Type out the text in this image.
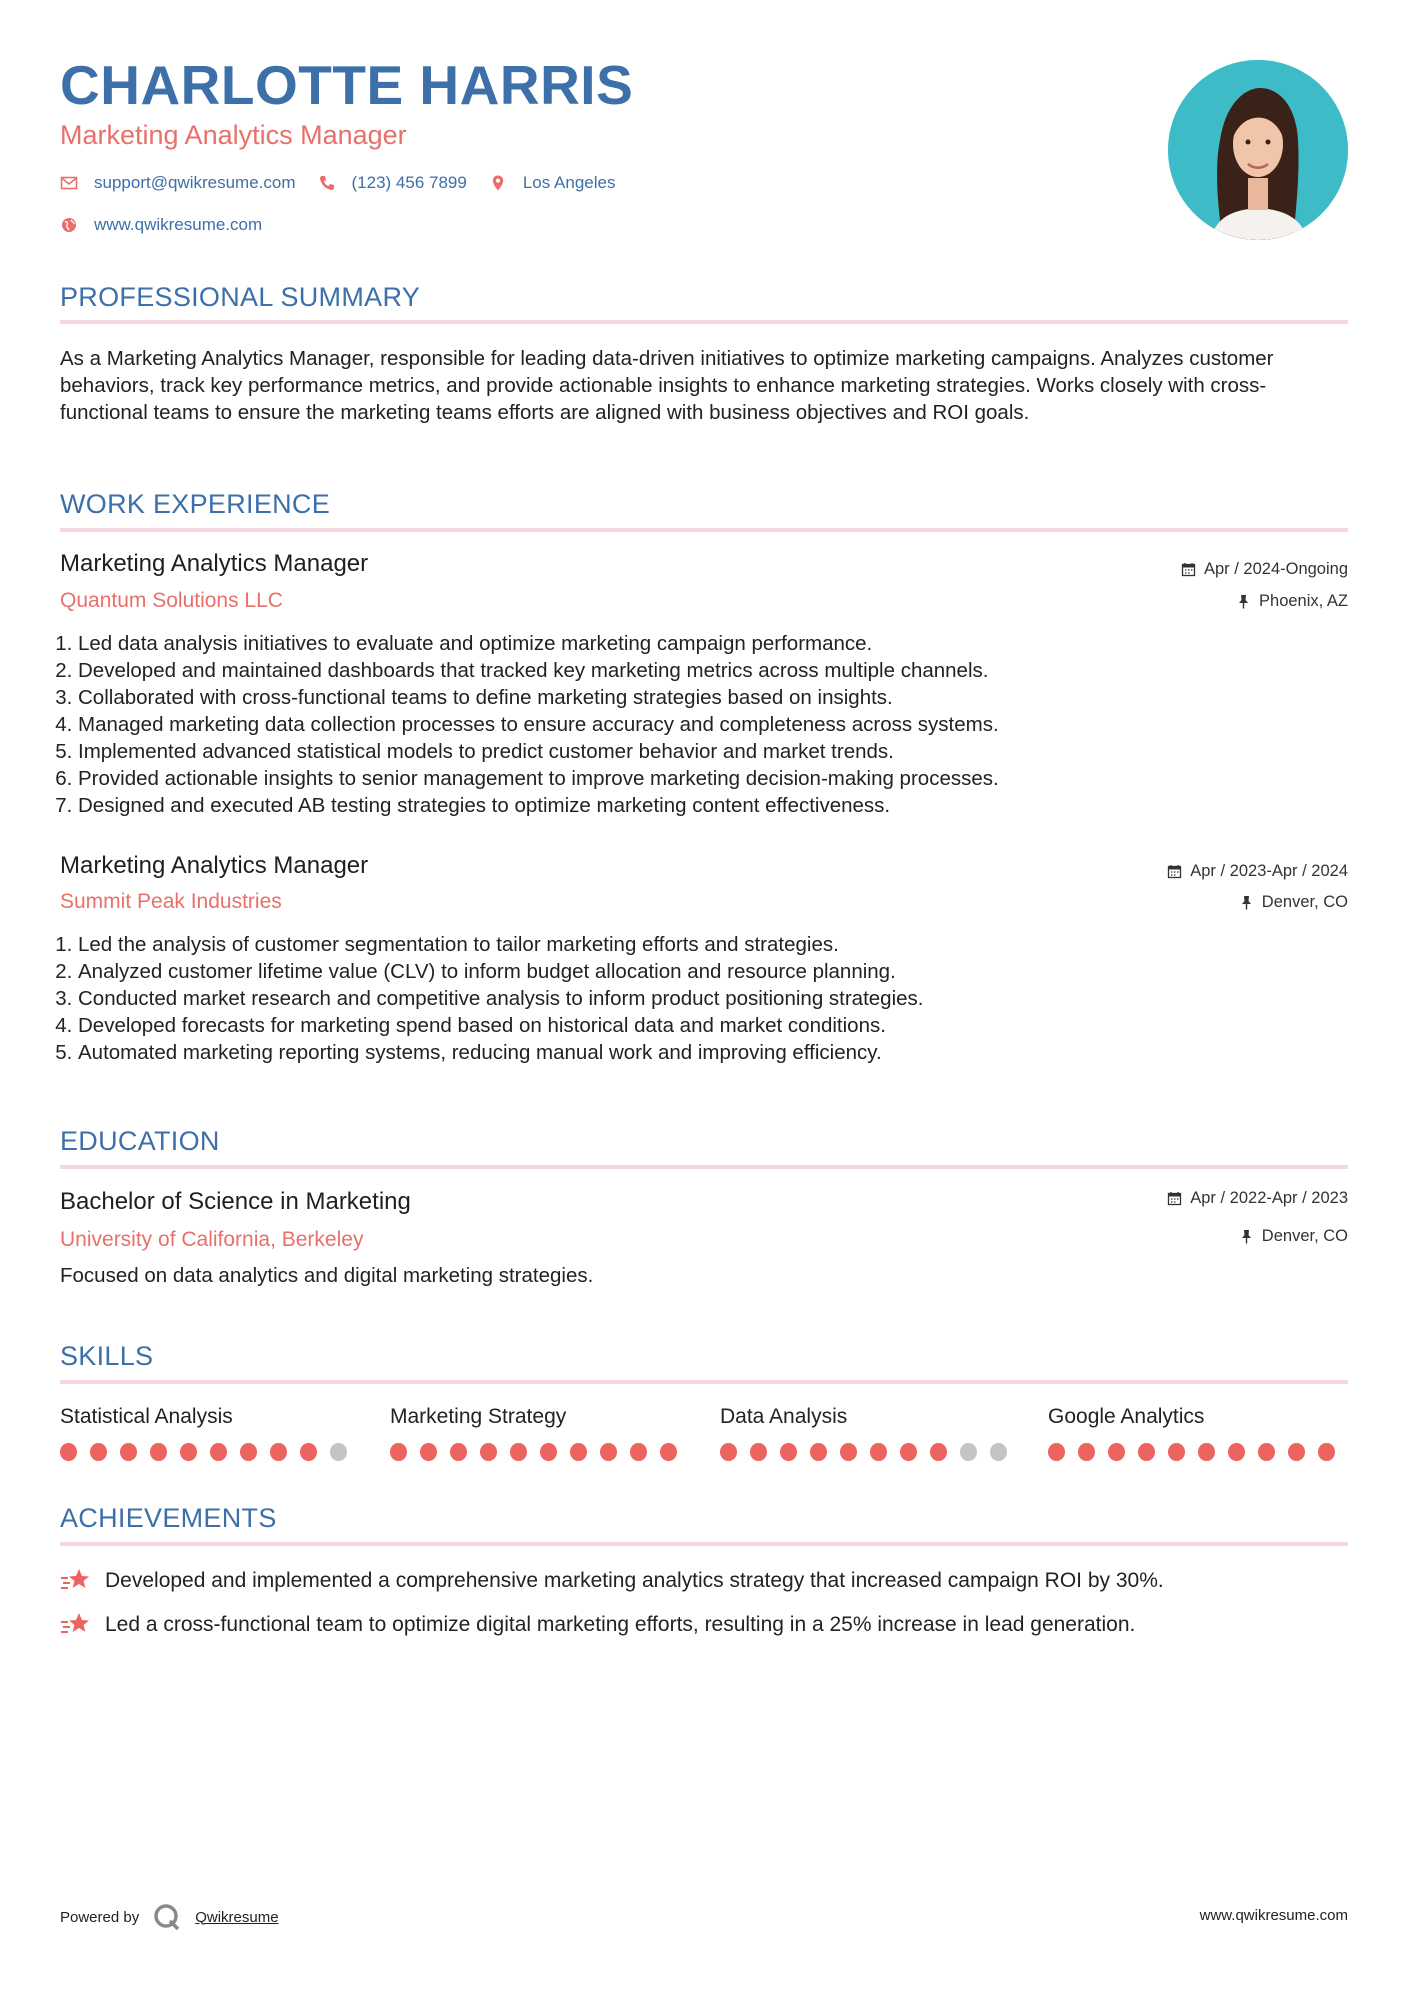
CHARLOTTE HARRIS
Marketing Analytics Manager
support@qwikresume.com	(123) 456 7899	Los Angeles
www.qwikresume.com
PROFESSIONAL SUMMARY
As a Marketing Analytics Manager, responsible for leading data-driven initiatives to optimize marketing campaigns. Analyzes customer behaviors, track key performance metrics, and provide actionable insights to enhance marketing strategies. Works closely with cross-functional teams to ensure the marketing teams efforts are aligned with business objectives and ROI goals.
WORK EXPERIENCE
Marketing Analytics Manager
Quantum Solutions LLC
Apr / 2024-Ongoing
Phoenix, AZ
1. Led data analysis initiatives to evaluate and optimize marketing campaign performance.
2. Developed and maintained dashboards that tracked key marketing metrics across multiple channels.
3. Collaborated with cross-functional teams to define marketing strategies based on insights.
4. Managed marketing data collection processes to ensure accuracy and completeness across systems.
5. Implemented advanced statistical models to predict customer behavior and market trends.
6. Provided actionable insights to senior management to improve marketing decision-making processes.
7. Designed and executed AB testing strategies to optimize marketing content effectiveness.
Marketing Analytics Manager
Summit Peak Industries
Apr / 2023-Apr / 2024
Denver, CO
1. Led the analysis of customer segmentation to tailor marketing efforts and strategies.
2. Analyzed customer lifetime value (CLV) to inform budget allocation and resource planning.
3. Conducted market research and competitive analysis to inform product positioning strategies.
4. Developed forecasts for marketing spend based on historical data and market conditions.
5. Automated marketing reporting systems, reducing manual work and improving efficiency.
EDUCATION
Bachelor of Science in Marketing
University of California, Berkeley
Apr / 2022-Apr / 2023
Denver, CO
Focused on data analytics and digital marketing strategies.
SKILLS
Statistical Analysis	Marketing Strategy	Data Analysis	Google Analytics
ACHIEVEMENTS
Developed and implemented a comprehensive marketing analytics strategy that increased campaign ROI by 30%.
Led a cross-functional team to optimize digital marketing efforts, resulting in a 25% increase in lead generation.
Powered by	Qwikresume	www.qwikresume.com
